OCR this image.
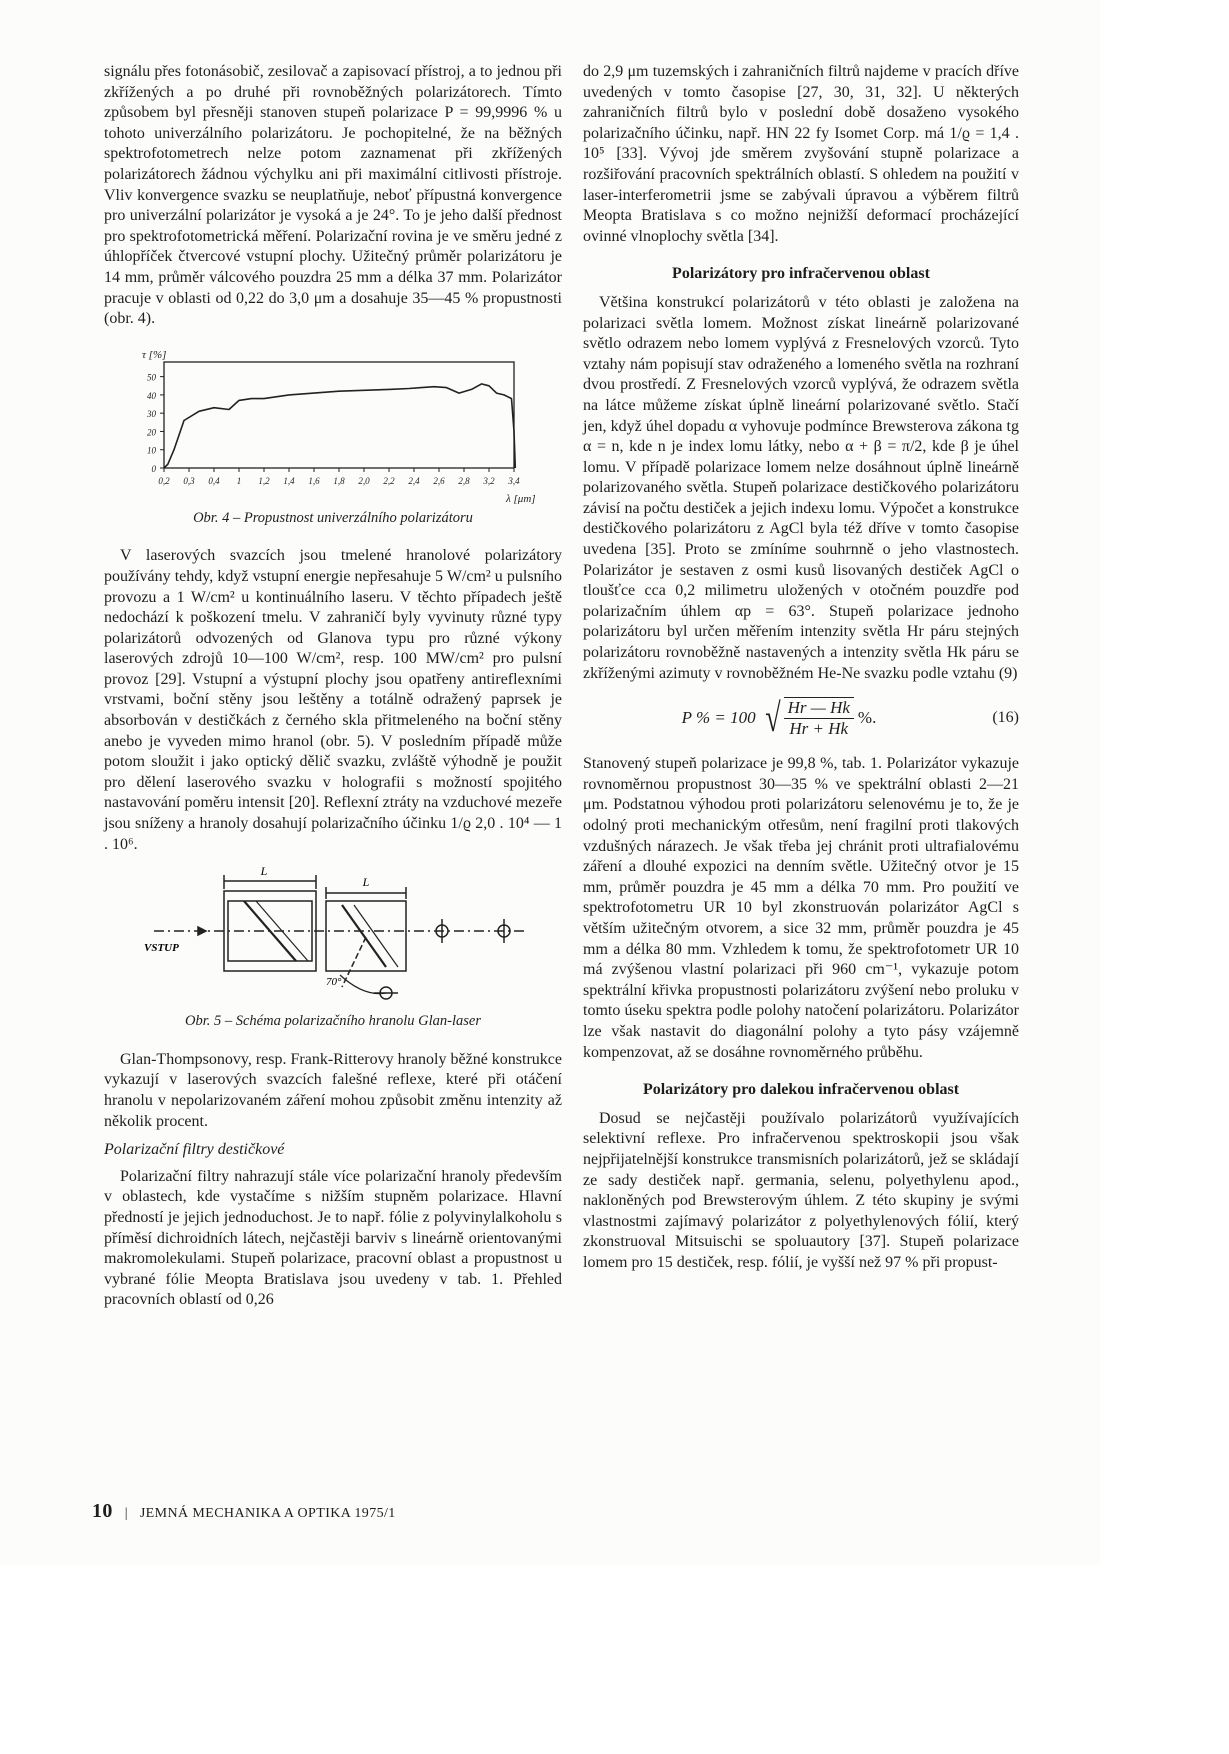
signálu přes fotonásobič, zesilovač a zapisovací přístroj, a to jednou při zkřížených a po druhé při rovnoběžných polarizátorech. Tímto způsobem byl přesněji stanoven stupeň polarizace P = 99,9996 % u tohoto univerzálního polarizátoru. Je pochopitelné, že na běžných spektrofotometrech nelze potom zaznamenat při zkřížených polarizátorech žádnou výchylku ani při maximální citlivosti přístroje. Vliv konvergence svazku se neuplatňuje, neboť přípustná konvergence pro univerzální polarizátor je vysoká a je 24°. To je jeho další přednost pro spektrofotometrická měření. Polarizační rovina je ve směru jedné z úhlopříček čtvercové vstupní plochy. Užitečný průměr polarizátoru je 14 mm, průměr válcového pouzdra 25 mm a délka 37 mm. Polarizátor pracuje v oblasti od 0,22 do 3,0 μm a dosahuje 35—45 % propustnosti (obr. 4).

0
10
20
30
40
50
0,2 0,3 0,4 1 1,2 1,4 1,6 1,8 2,0 2,2 2,4 2,6 2,8 3,2 3,4
τ [%]
λ [μm]
Obr. 4 – Propustnost univerzálního polarizátoru

V laserových svazcích jsou tmelené hranolové polarizátory používány tehdy, když vstupní energie nepřesahuje 5 W/cm² u pulsního provozu a 1 W/cm² u kontinuálního laseru. V těchto případech ještě nedochází k poškození tmelu. V zahraničí byly vyvinuty různé typy polarizátorů odvozených od Glanova typu pro různé výkony laserových zdrojů 10—100 W/cm², resp. 100 MW/cm² pro pulsní provoz [29]. Vstupní a výstupní plochy jsou opatřeny antireflexními vrstvami, boční stěny jsou leštěny a totálně odražený paprsek je absorbován v destičkách z černého skla přitmeleného na boční stěny anebo je vyveden mimo hranol (obr. 5). V posledním případě může potom sloužit i jako optický dělič svazku, zvláště výhodně je použit pro dělení laserového svazku v holografii s možností spojitého nastavování poměru intensit [20]. Reflexní ztráty na vzduchové mezeře jsou sníženy a hranoly dosahují polarizačního účinku 1/ϱ 2,0 . 10⁴ — 1 . 10⁶.

L
L
VSTUP
70°
Obr. 5 – Schéma polarizačního hranolu Glan-laser

Glan-Thompsonovy, resp. Frank-Ritterovy hranoly běžné konstrukce vykazují v laserových svazcích falešné reflexe, které při otáčení hranolu v nepolarizovaném záření mohou způsobit změnu intenzity až několik procent.

Polarizační filtry destičkové

Polarizační filtry nahrazují stále více polarizační hranoly především v oblastech, kde vystačíme s nižším stupněm polarizace. Hlavní předností je jejich jednoduchost. Je to např. fólie z polyvinylalkoholu s příměsí dichroidních látech, nejčastěji barviv s lineárně orientovanými makromolekulami. Stupeň polarizace, pracovní oblast a propustnost u vybrané fólie Meopta Bratislava jsou uvedeny v tab. 1. Přehled pracovních oblastí od 0,26

do 2,9 μm tuzemských i zahraničních filtrů najdeme v pracích dříve uvedených v tomto časopise [27, 30, 31, 32]. U některých zahraničních filtrů bylo v poslední době dosaženo vysokého polarizačního účinku, např. HN 22 fy Isomet Corp. má 1/ϱ = 1,4 . 10⁵ [33]. Vývoj jde směrem zvyšování stupně polarizace a rozšiřování pracovních spektrálních oblastí. S ohledem na použití v laser-interferometrii jsme se zabývali úpravou a výběrem filtrů Meopta Bratislava s co možno nejnižší deformací procházející ovinné vlnoplochy světla [34].

Polarizátory pro infračervenou oblast

Většina konstrukcí polarizátorů v této oblasti je založena na polarizaci světla lomem. Možnost získat lineárně polarizované světlo odrazem nebo lomem vyplývá z Fresnelových vzorců. Tyto vztahy nám popisují stav odraženého a lomeného světla na rozhraní dvou prostředí. Z Fresnelových vzorců vyplývá, že odrazem světla na látce můžeme získat úplně lineární polarizované světlo. Stačí jen, když úhel dopadu α vyhovuje podmínce Brewsterova zákona tg α = n, kde n je index lomu látky, nebo α + β = π/2, kde β je úhel lomu. V případě polarizace lomem nelze dosáhnout úplně lineárně polarizovaného světla. Stupeň polarizace destičkového polarizátoru závisí na počtu destiček a jejich indexu lomu. Výpočet a konstrukce destičkového polarizátoru z AgCl byla též dříve v tomto časopise uvedena [35]. Proto se zmíníme souhrnně o jeho vlastnostech. Polarizátor je sestaven z osmi kusů lisovaných destiček AgCl o tloušťce cca 0,2 milimetru uložených v otočném pouzdře pod polarizačním úhlem αp = 63°. Stupeň polarizace jednoho polarizátoru byl určen měřením intenzity světla Hr páru stejných polarizátoru rovnoběžně nastavených a intenzity světla Hk páru se zkříženými azimuty v rovnoběžném He-Ne svazku podle vztahu (9)

P % = 100 √ $\frac{Hr — Hk}{Hr + Hk}$ %.	(16)

Stanovený stupeň polarizace je 99,8 %, tab. 1. Polarizátor vykazuje rovnoměrnou propustnost 30—35 % ve spektrální oblasti 2—21 μm. Podstatnou výhodou proti polarizátoru selenovému je to, že je odolný proti mechanickým otřesům, není fragilní proti tlakových vzdušných nárazech. Je však třeba jej chránit proti ultrafialovému záření a dlouhé expozici na denním světle. Užitečný otvor je 15 mm, průměr pouzdra je 45 mm a délka 70 mm. Pro použití ve spektrofotometru UR 10 byl zkonstruován polarizátor AgCl s větším užitečným otvorem, a sice 32 mm, průměr pouzdra je 45 mm a délka 80 mm. Vzhledem k tomu, že spektrofotometr UR 10 má zvýšenou vlastní polarizaci při 960 cm⁻¹, vykazuje potom spektrální křivka propustnosti polarizátoru zvýšení nebo proluku v tomto úseku spektra podle polohy natočení polarizátoru. Polarizátor lze však nastavit do diagonální polohy a tyto pásy vzájemně kompenzovat, až se dosáhne rovnoměrného průběhu.

Polarizátory pro dalekou infračervenou oblast

Dosud se nejčastěji používalo polarizátorů využívajících selektivní reflexe. Pro infračervenou spektroskopii jsou však nejpřijatelnější konstrukce transmisních polarizátorů, jež se skládají ze sady destiček např. germania, selenu, polyethylenu apod., nakloněných pod Brewsterovým úhlem. Z této skupiny je svými vlastnostmi zajímavý polarizátor z polyethylenových fólií, který zkonstruoval Mitsuischi se spoluautory [37]. Stupeň polarizace lomem pro 15 destiček, resp. fólií, je vyšší než 97 % při propust-

10 | JEMNÁ MECHANIKA A OPTIKA 1975/1
